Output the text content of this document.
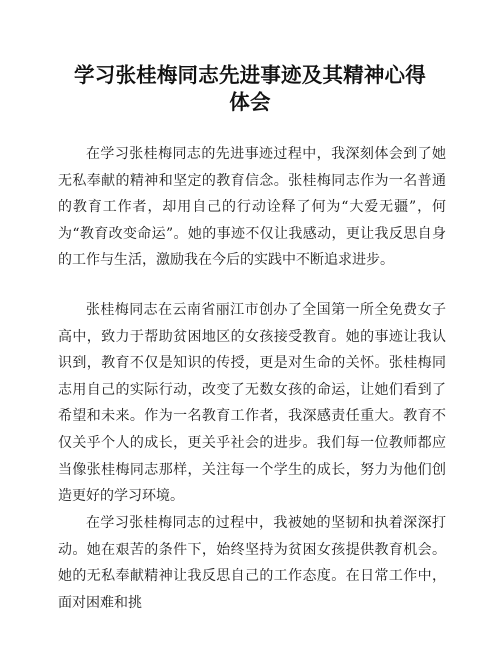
学习张桂梅同志先进事迹及其精神心得体会

在学习张桂梅同志的先进事迹过程中，我深刻体会到了她无私奉献的精神和坚定的教育信念。张桂梅同志作为一名普通的教育工作者，却用自己的行动诠释了何为“大爱无疆”，何为“教育改变命运”。她的事迹不仅让我感动，更让我反思自身的工作与生活，激励我在今后的实践中不断追求进步。

张桂梅同志在云南省丽江市创办了全国第一所全免费女子高中，致力于帮助贫困地区的女孩接受教育。她的事迹让我认识到，教育不仅是知识的传授，更是对生命的关怀。张桂梅同志用自己的实际行动，改变了无数女孩的命运，让她们看到了希望和未来。作为一名教育工作者，我深感责任重大。教育不仅关乎个人的成长，更关乎社会的进步。我们每一位教师都应当像张桂梅同志那样，关注每一个学生的成长，努力为他们创造更好的学习环境。

在学习张桂梅同志的过程中，我被她的坚韧和执着深深打动。她在艰苦的条件下，始终坚持为贫困女孩提供教育机会。她的无私奉献精神让我反思自己的工作态度。在日常工作中，面对困难和挑
